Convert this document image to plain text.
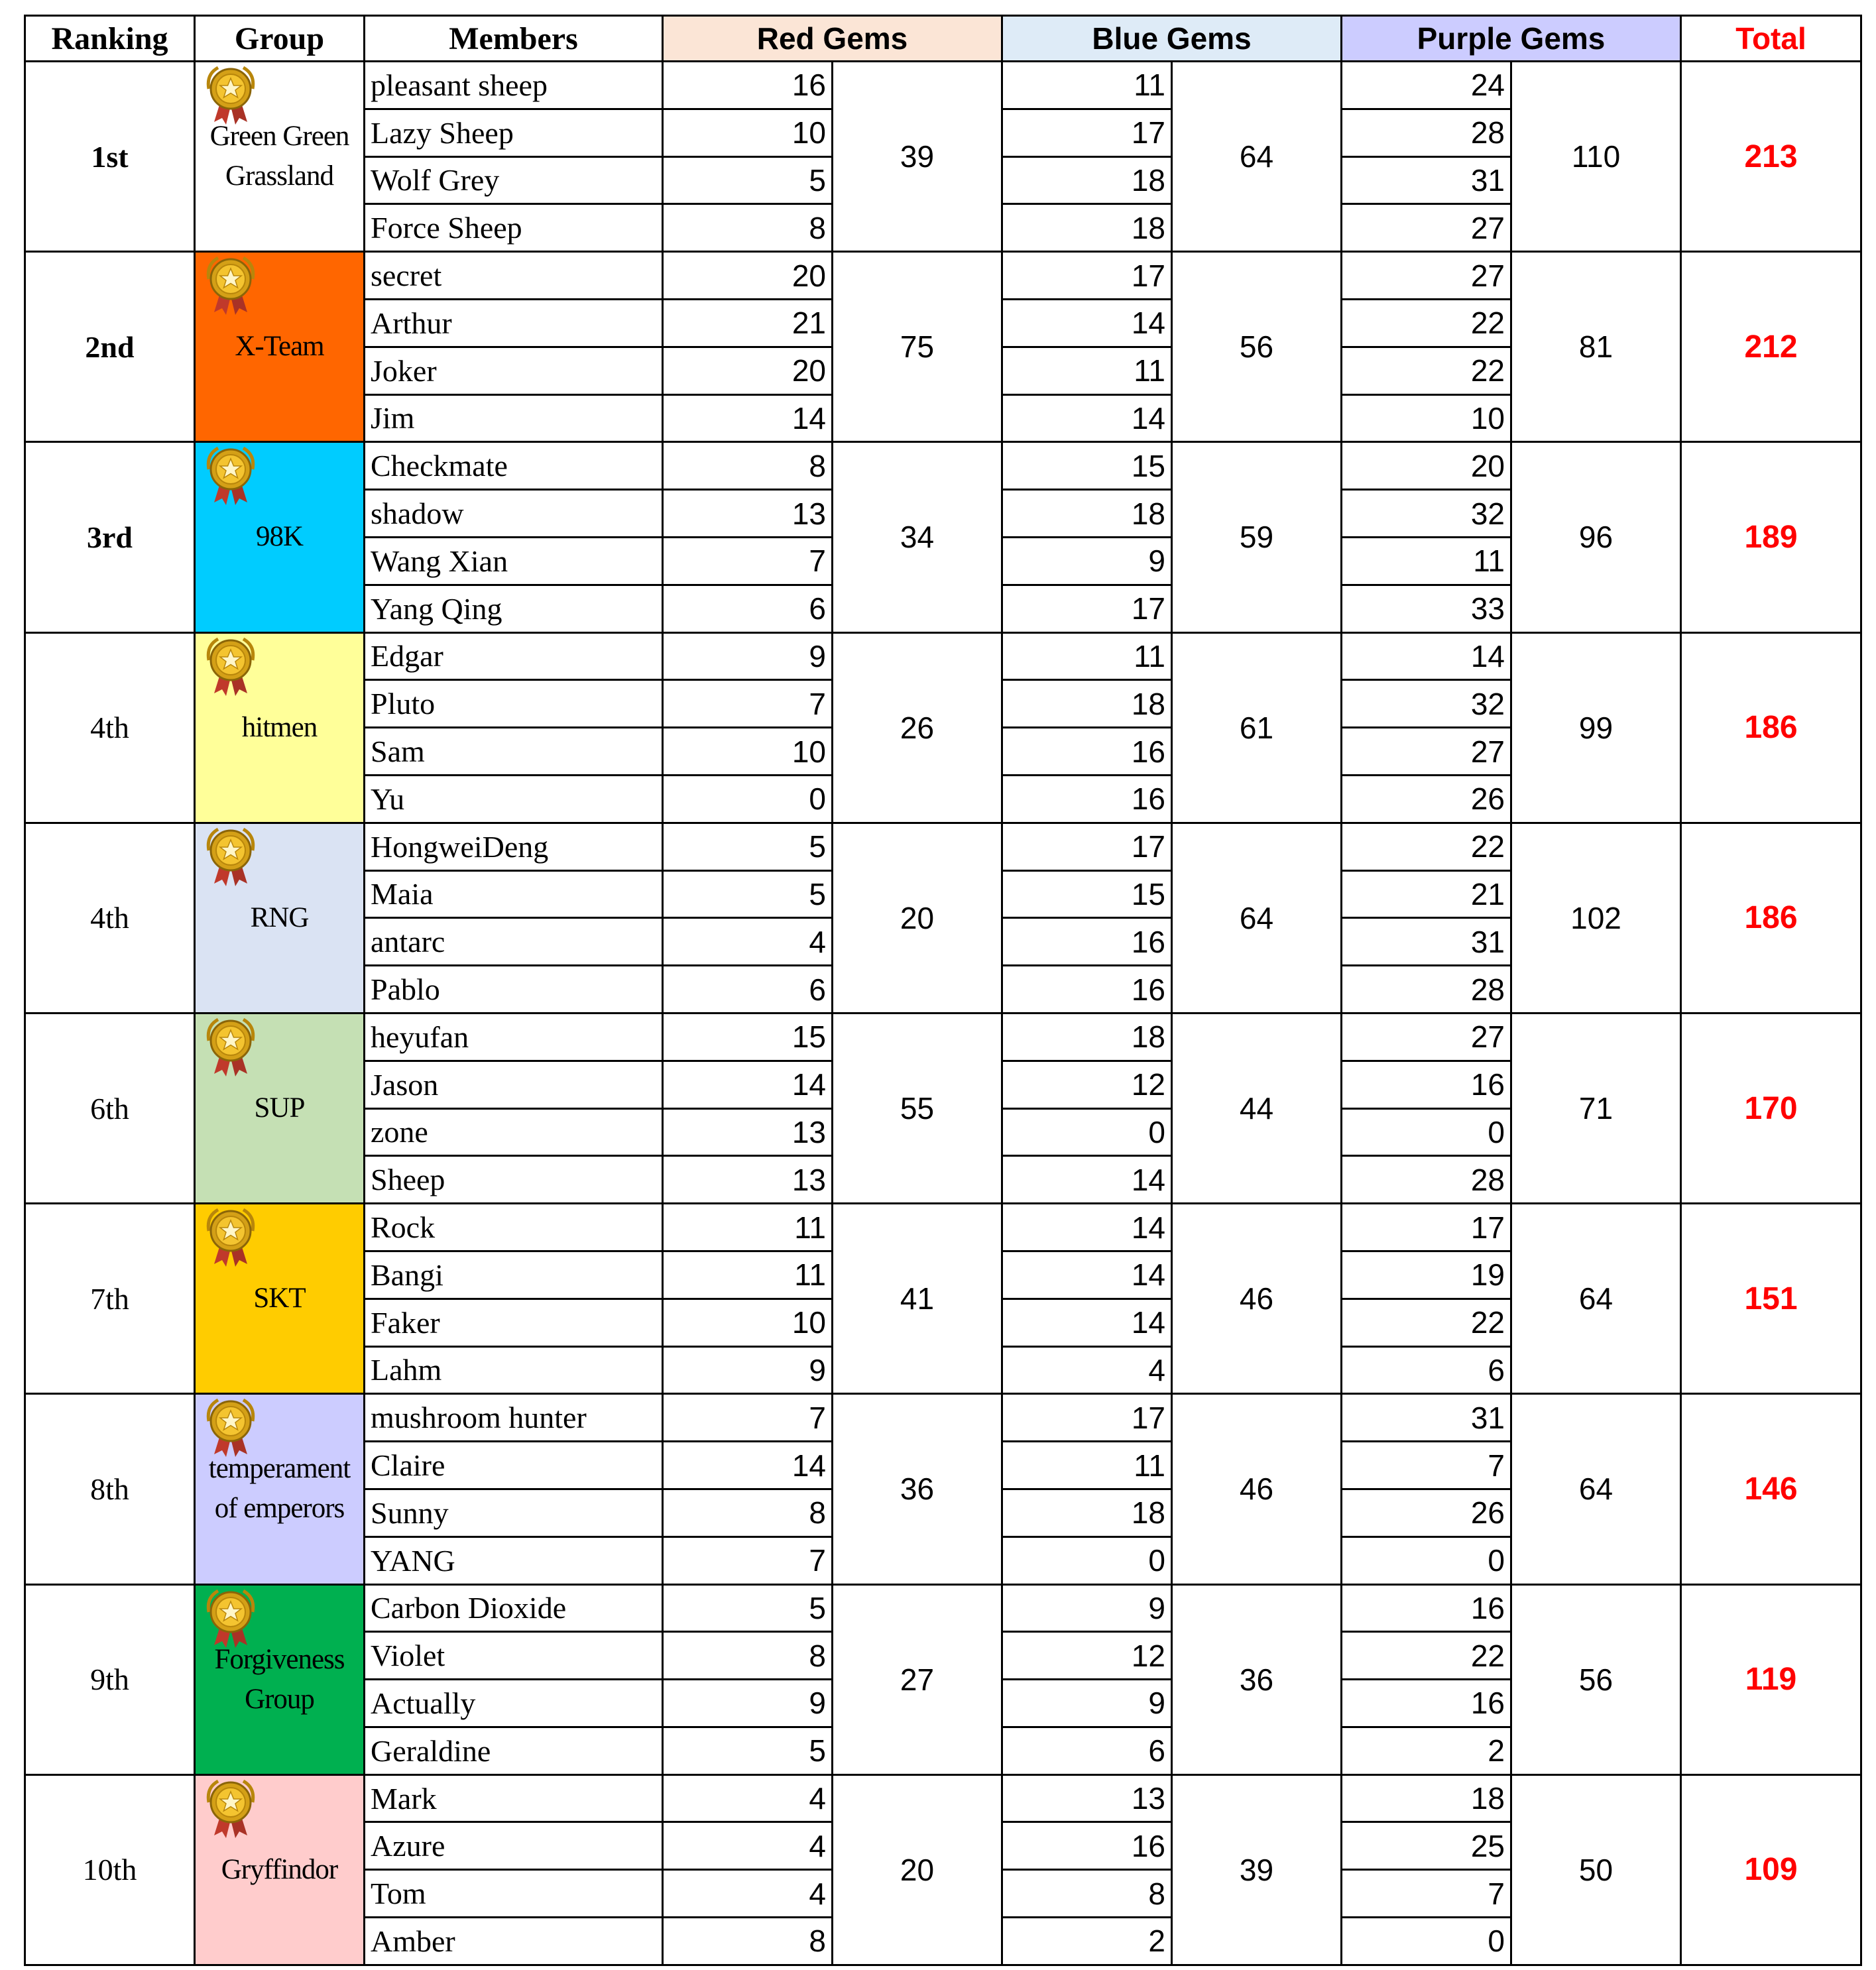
Ranking	Group	Members	Red Gems		Blue Gems		Purple Gems		Total
1st	Green Green Grassland	pleasant sheep	16	39	11	64	24	110	213
		Lazy Sheep	10		17		28		
		Wolf Grey	5		18		31		
		Force Sheep	8		18		27		
2nd	X-Team	secret	20	75	17	56	27	81	212
		Arthur	21		14		22		
		Joker	20		11		22		
		Jim	14		14		10		
3rd	98K	Checkmate	8	34	15	59	20	96	189
		shadow	13		18		32		
		Wang Xian	7		9		11		
		Yang Qing	6		17		33		
4th	hitmen	Edgar	9	26	11	61	14	99	186
		Pluto	7		18		32		
		Sam	10		16		27		
		Yu	0		16		26		
4th	RNG	HongweiDeng	5	20	17	64	22	102	186
		Maia	5		15		21		
		antarc	4		16		31		
		Pablo	6		16		28		
6th	SUP	heyufan	15	55	18	44	27	71	170
		Jason	14		12		16		
		zone	13		0		0		
		Sheep	13		14		28		
7th	SKT	Rock	11	41	14	46	17	64	151
		Bangi	11		14		19		
		Faker	10		14		22		
		Lahm	9		4		6		
8th	temperament of emperors	mushroom hunter	7	36	17	46	31	64	146
		Claire	14		11		7		
		Sunny	8		18		26		
		YANG	7		0		0		
9th	Forgiveness Group	Carbon Dioxide	5	27	9	36	16	56	119
		Violet	8		12		22		
		Actually	9		9		16		
		Geraldine	5		6		2		
10th	Gryffindor	Mark	4	20	13	39	18	50	109
		Azure	4		16		25		
		Tom	4		8		7		
		Amber	8		2		0		
